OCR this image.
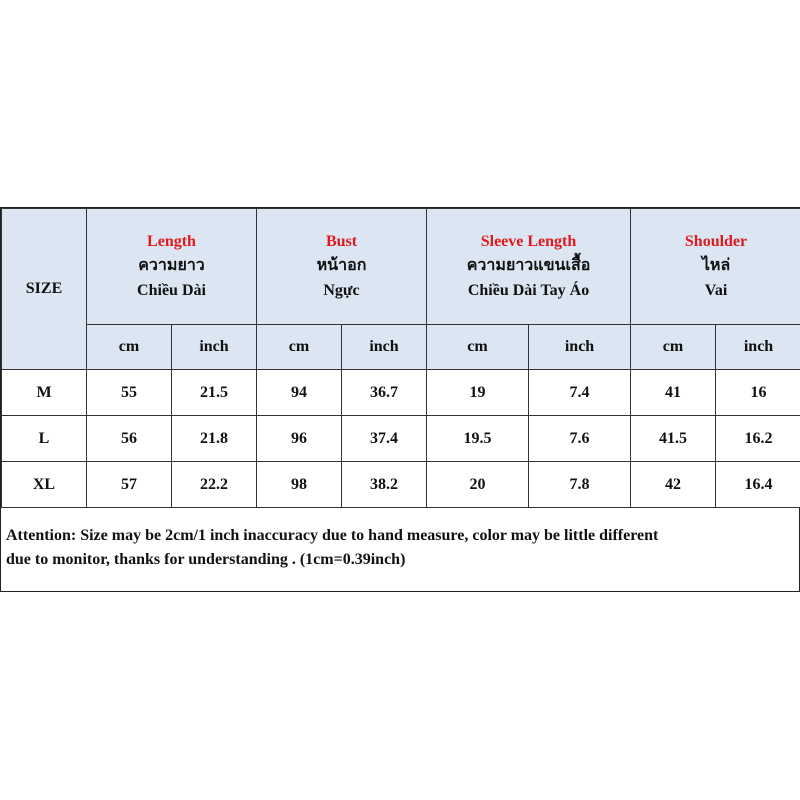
SIZE	Length
ความยาว
Chiều Dài		Bust
หน้าอก
Ngực		Sleeve Length
ความยาวแขนเสื้อ
Chiều Dài Tay Áo		Shoulder
ไหล่
Vai	

	cm	inch	cm	inch	cm	inch	cm	inch
M	55	21.5	94	36.7	19	7.4	41	16
L	56	21.8	96	37.4	19.5	7.6	41.5	16.2
XL	57	22.2	98	38.2	20	7.8	42	16.4
Attention: Size may be 2cm/1 inch inaccuracy due to hand measure, color may be little different
due to monitor, thanks for understanding . (1cm=0.39inch)
